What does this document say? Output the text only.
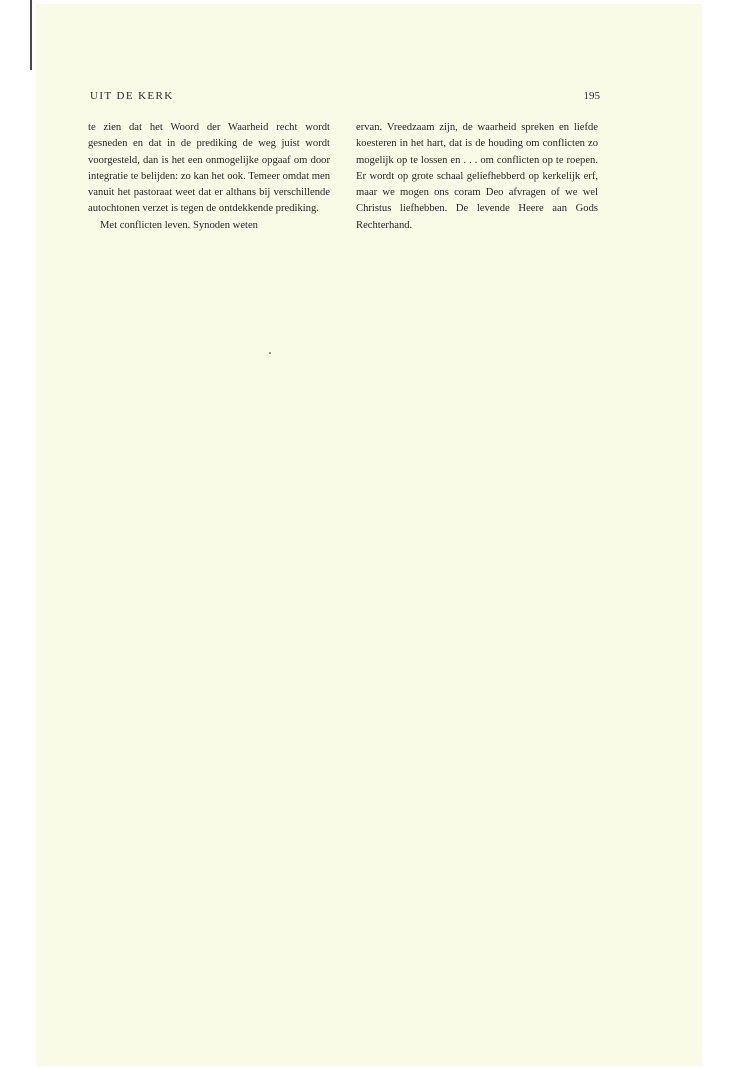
UIT DE KERK	195

te zien dat het Woord der Waarheid recht wordt gesneden en dat in de prediking de weg juist wordt voorgesteld, dan is het een onmogelijke opgaaf om door integratie te belijden: zo kan het ook. Temeer omdat men vanuit het pastoraat weet dat er althans bij verschillende autochtonen verzet is tegen de ontdekkende prediking.

Met conflicten leven. Synoden weten

ervan. Vreedzaam zijn, de waarheid spreken en liefde koesteren in het hart, dat is de houding om conflicten zo mogelijk op te lossen en . . . om conflicten op te roepen. Er wordt op grote schaal geliefhebberd op kerkelijk erf, maar we mogen ons coram Deo afvragen of we wel Christus liefhebben. De levende Heere aan Gods Rechterhand.
